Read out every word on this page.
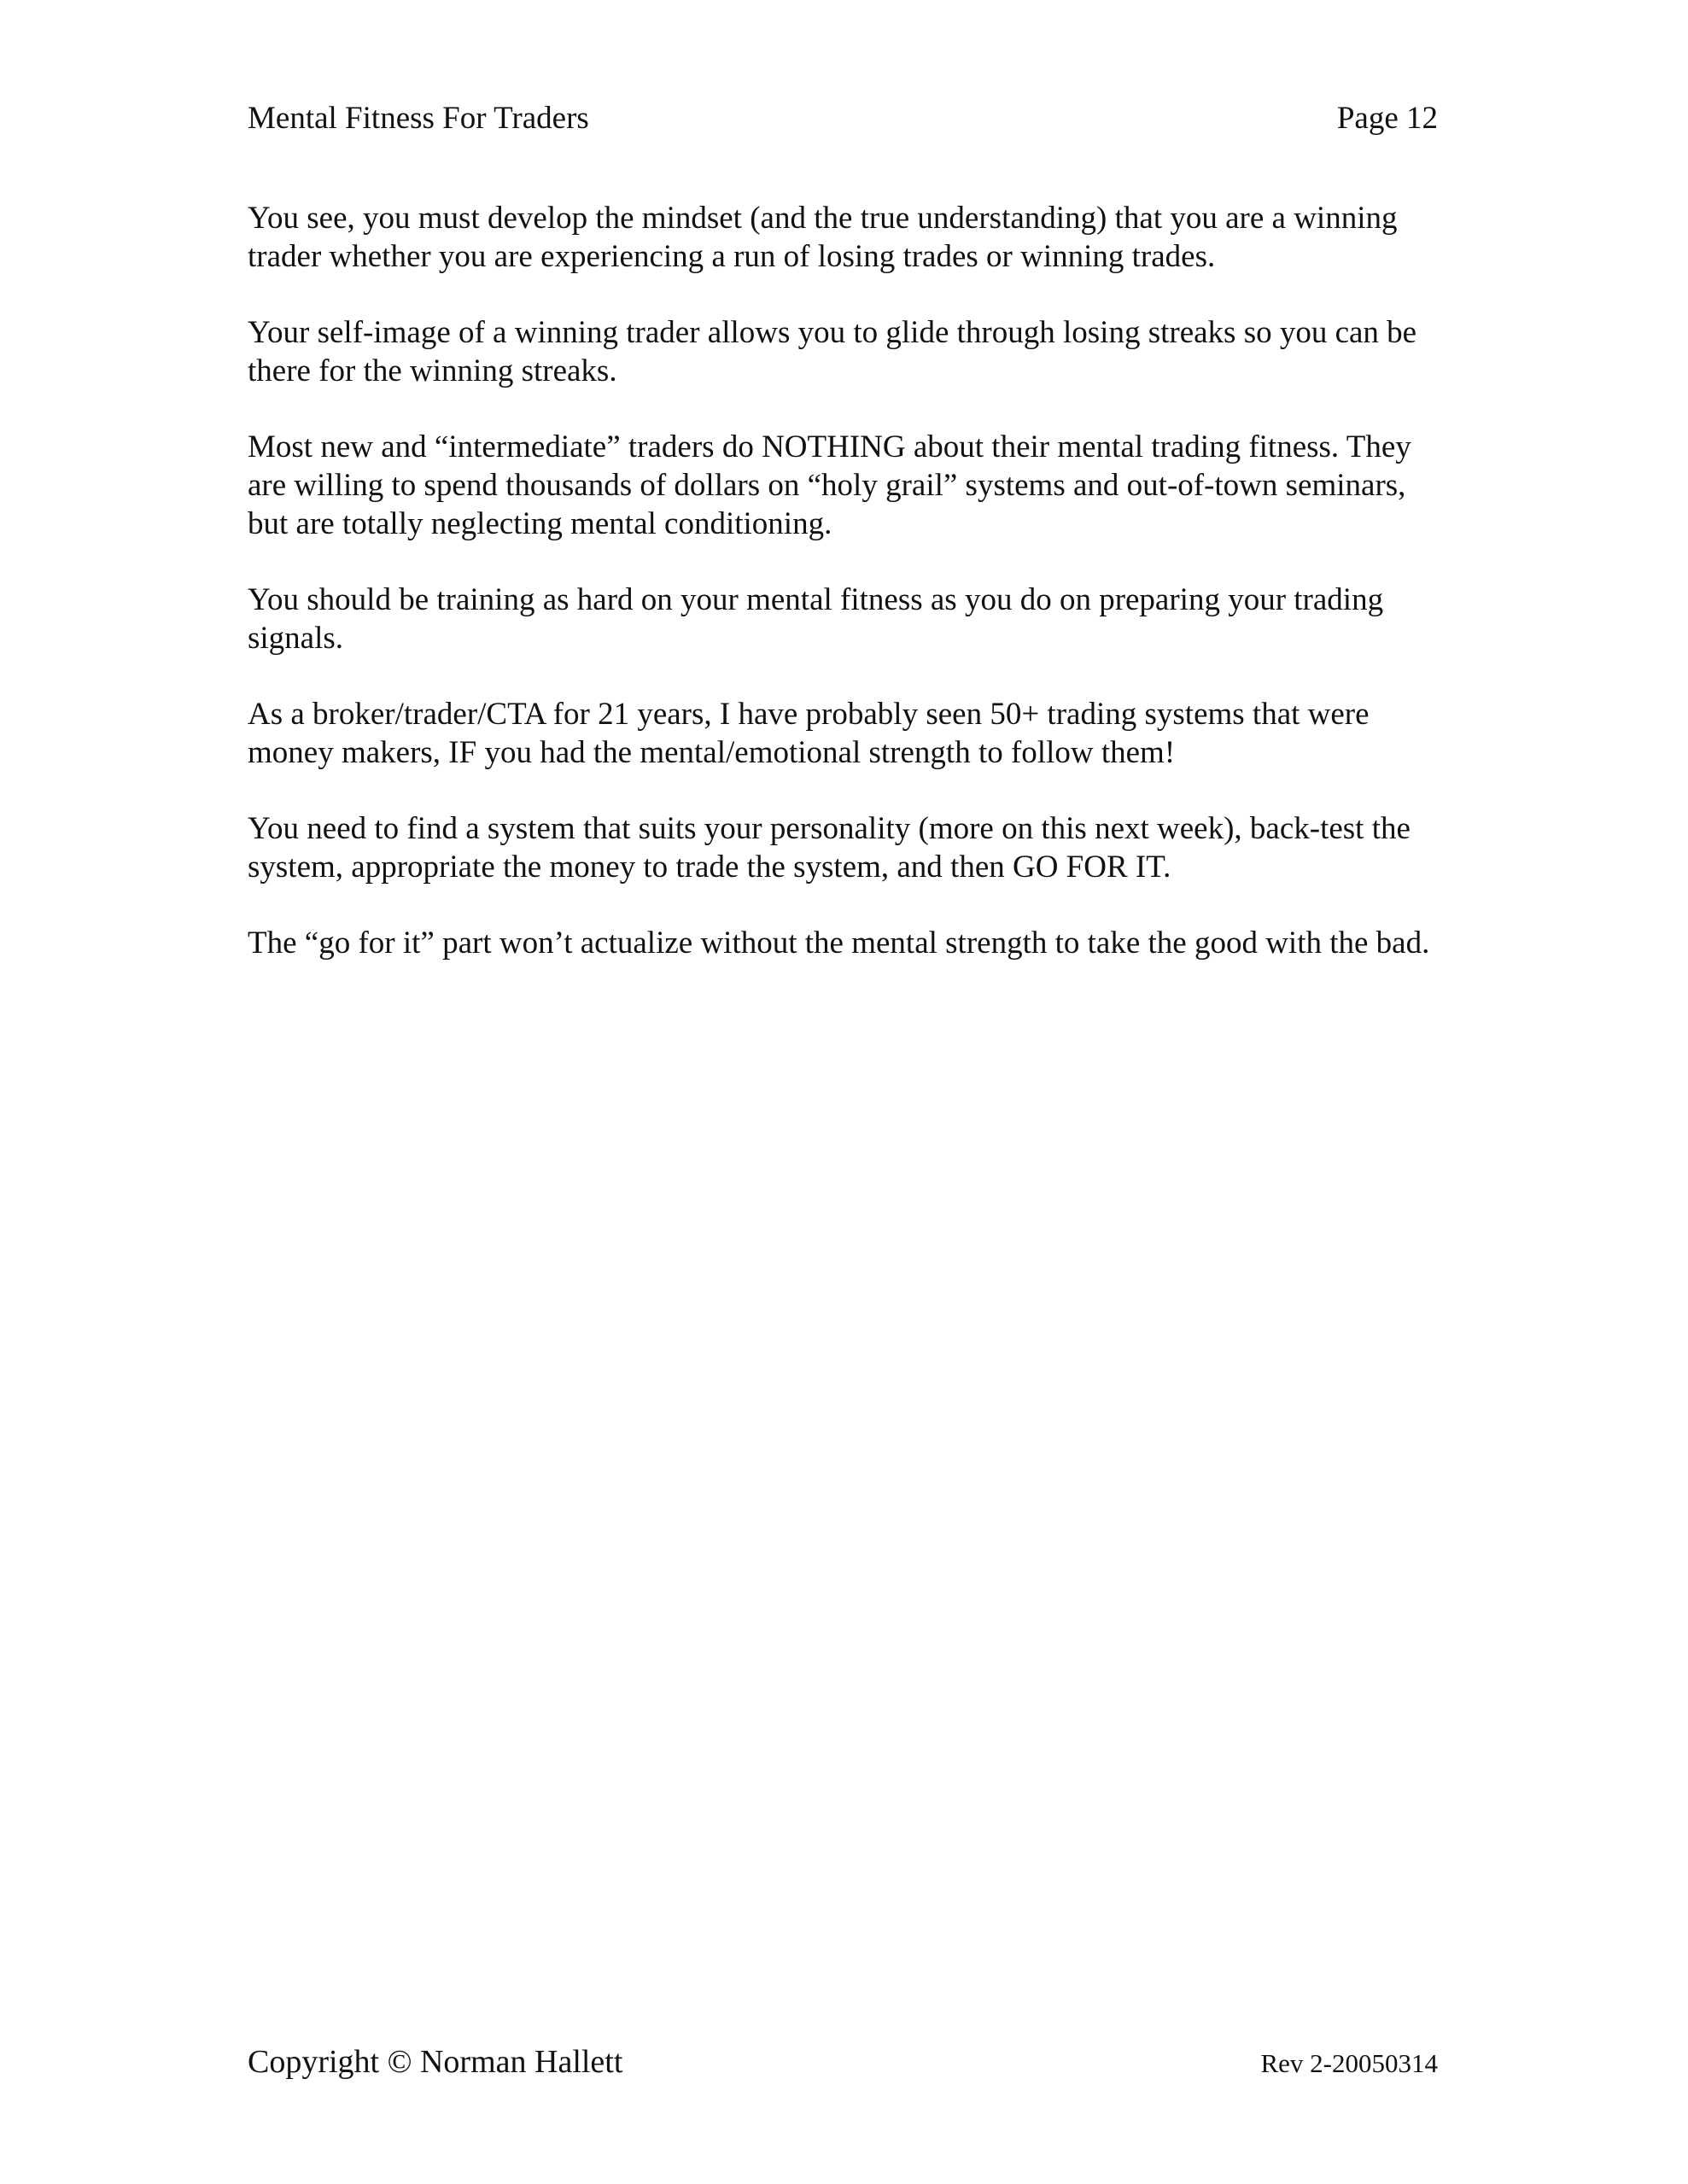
Mental Fitness For Traders	Page 12

You see, you must develop the mindset (and the true understanding) that you are a winning trader whether you are experiencing a run of losing trades or winning trades.

Your self-image of a winning trader allows you to glide through losing streaks so you can be there for the winning streaks.

Most new and “intermediate” traders do NOTHING about their mental trading fitness. They are willing to spend thousands of dollars on “holy grail” systems and out-of-town seminars, but are totally neglecting mental conditioning.

You should be training as hard on your mental fitness as you do on preparing your trading signals.

As a broker/trader/CTA for 21 years, I have probably seen 50+ trading systems that were money makers, IF you had the mental/emotional strength to follow them!

You need to find a system that suits your personality (more on this next week), back-test the system, appropriate the money to trade the system, and then GO FOR IT.

The “go for it” part won’t actualize without the mental strength to take the good with the bad.

Copyright © Norman Hallett	Rev 2-20050314
